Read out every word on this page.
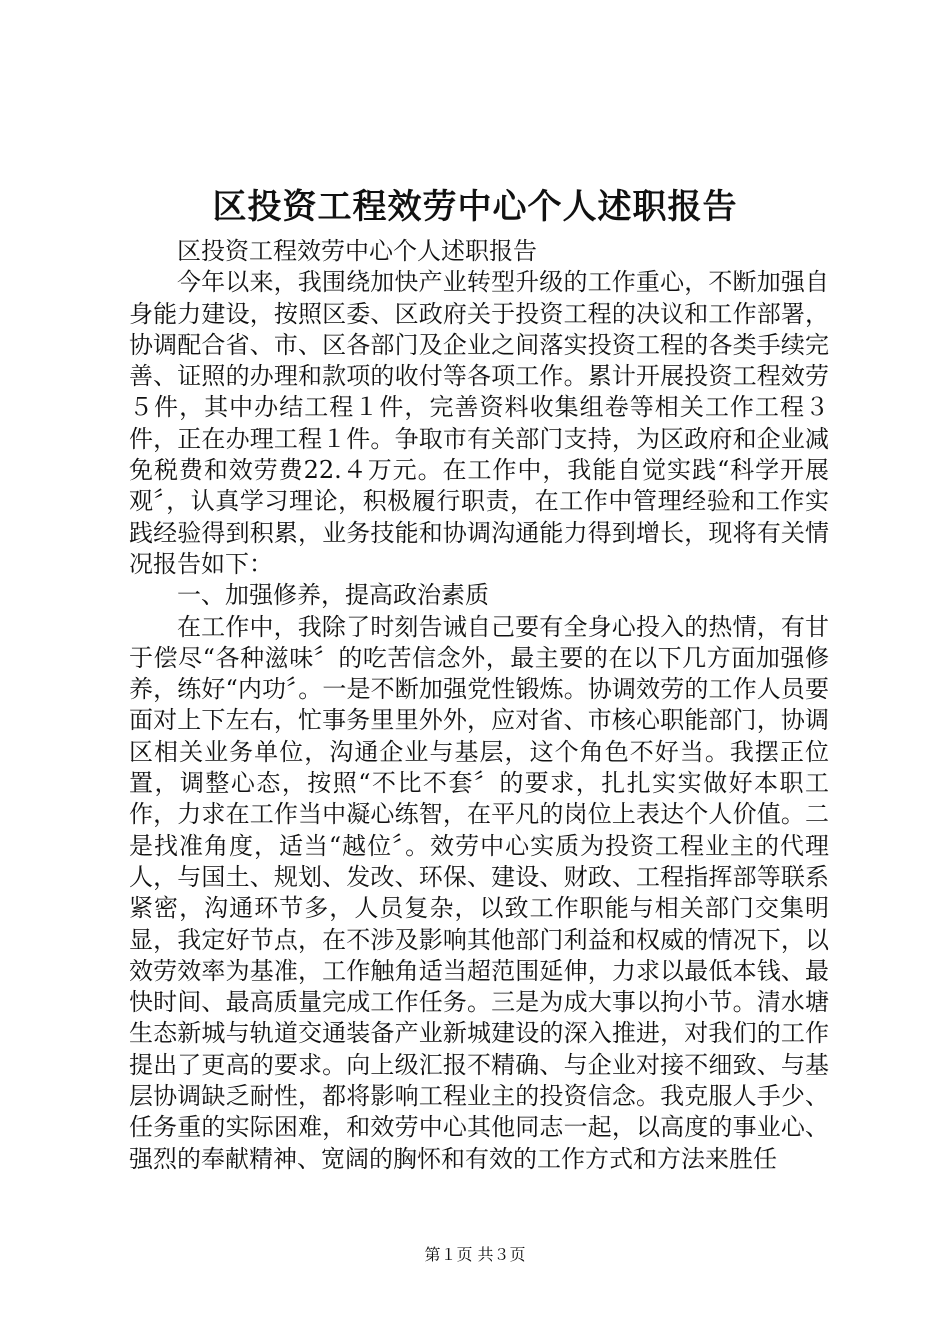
区投资工程效劳中心个人述职报告

区投资工程效劳中心个人述职报告

今年以来，我围绕加快产业转型升级的工作重心，不断加强自身能力建设，按照区委、区政府关于投资工程的决议和工作部署，协调配合省、市、区各部门及企业之间落实投资工程的各类手续完善、证照的办理和款项的收付等各项工作。累计开展投资工程效劳５件，其中办结工程１件，完善资料收集组卷等相关工作工程３件，正在办理工程１件。争取市有关部门支持，为区政府和企业减免税费和效劳费22.４万元。在工作中，我能自觉实践“科学开展观〞，认真学习理论，积极履行职责，在工作中管理经验和工作实践经验得到积累，业务技能和协调沟通能力得到增长，现将有关情况报告如下：

一、加强修养，提高政治素质

在工作中，我除了时刻告诫自己要有全身心投入的热情，有甘于偿尽“各种滋味〞的吃苦信念外，最主要的在以下几方面加强修养，练好“内功〞。一是不断加强党性锻炼。协调效劳的工作人员要面对上下左右，忙事务里里外外，应对省、市核心职能部门，协调区相关业务单位，沟通企业与基层，这个角色不好当。我摆正位置，调整心态，按照“不比不套〞的要求，扎扎实实做好本职工作，力求在工作当中凝心练智，在平凡的岗位上表达个人价值。二是找准角度，适当“越位〞。效劳中心实质为投资工程业主的代理人，与国土、规划、发改、环保、建设、财政、工程指挥部等联系紧密，沟通环节多，人员复杂，以致工作职能与相关部门交集明显，我定好节点，在不涉及影响其他部门利益和权威的情况下，以效劳效率为基准，工作触角适当超范围延伸，力求以最低本钱、最快时间、最高质量完成工作任务。三是为成大事以拘小节。清水塘生态新城与轨道交通装备产业新城建设的深入推进，对我们的工作提出了更高的要求。向上级汇报不精确、与企业对接不细致、与基层协调缺乏耐性，都将影响工程业主的投资信念。我克服人手少、任务重的实际困难，和效劳中心其他同志一起，以高度的事业心、强烈的奉献精神、宽阔的胸怀和有效的工作方式和方法来胜任

第１页 共３页
